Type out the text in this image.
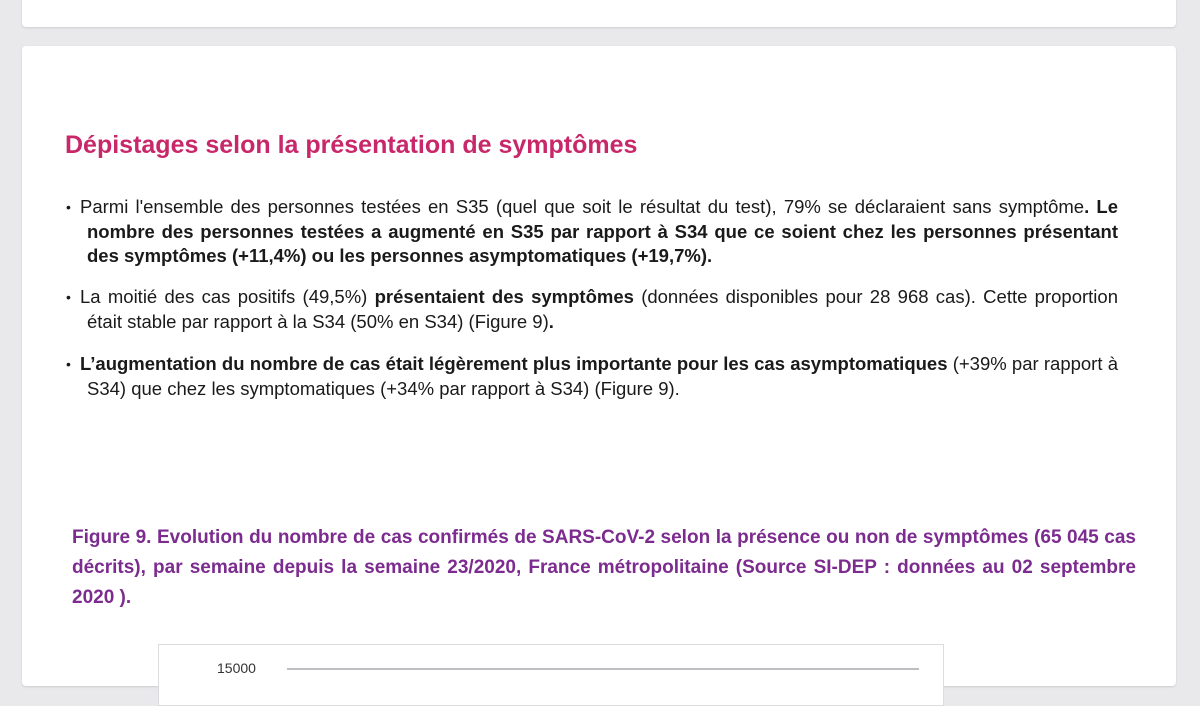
Dépistages selon la présentation de symptômes
• Parmi l'ensemble des personnes testées en S35 (quel que soit le résultat du test), 79% se déclaraient sans symptôme. Le nombre des personnes testées a augmenté en S35 par rapport à S34 que ce soient chez les personnes présentant des symptômes (+11,4%) ou les personnes asymptomatiques (+19,7%).
• La moitié des cas positifs (49,5%) présentaient des symptômes (données disponibles pour 28 968 cas). Cette proportion était stable par rapport à la S34 (50% en S34) (Figure 9).
• L’augmentation du nombre de cas était légèrement plus importante pour les cas asymptomatiques (+39% par rapport à S34) que chez les symptomatiques (+34% par rapport à S34) (Figure 9).

Figure 9. Evolution du nombre de cas confirmés de SARS-CoV-2 selon la présence ou non de symptômes (65 045 cas décrits), par semaine depuis la semaine 23/2020, France métropolitaine (Source SI-DEP : données au 02 septembre 2020 ).

15000
